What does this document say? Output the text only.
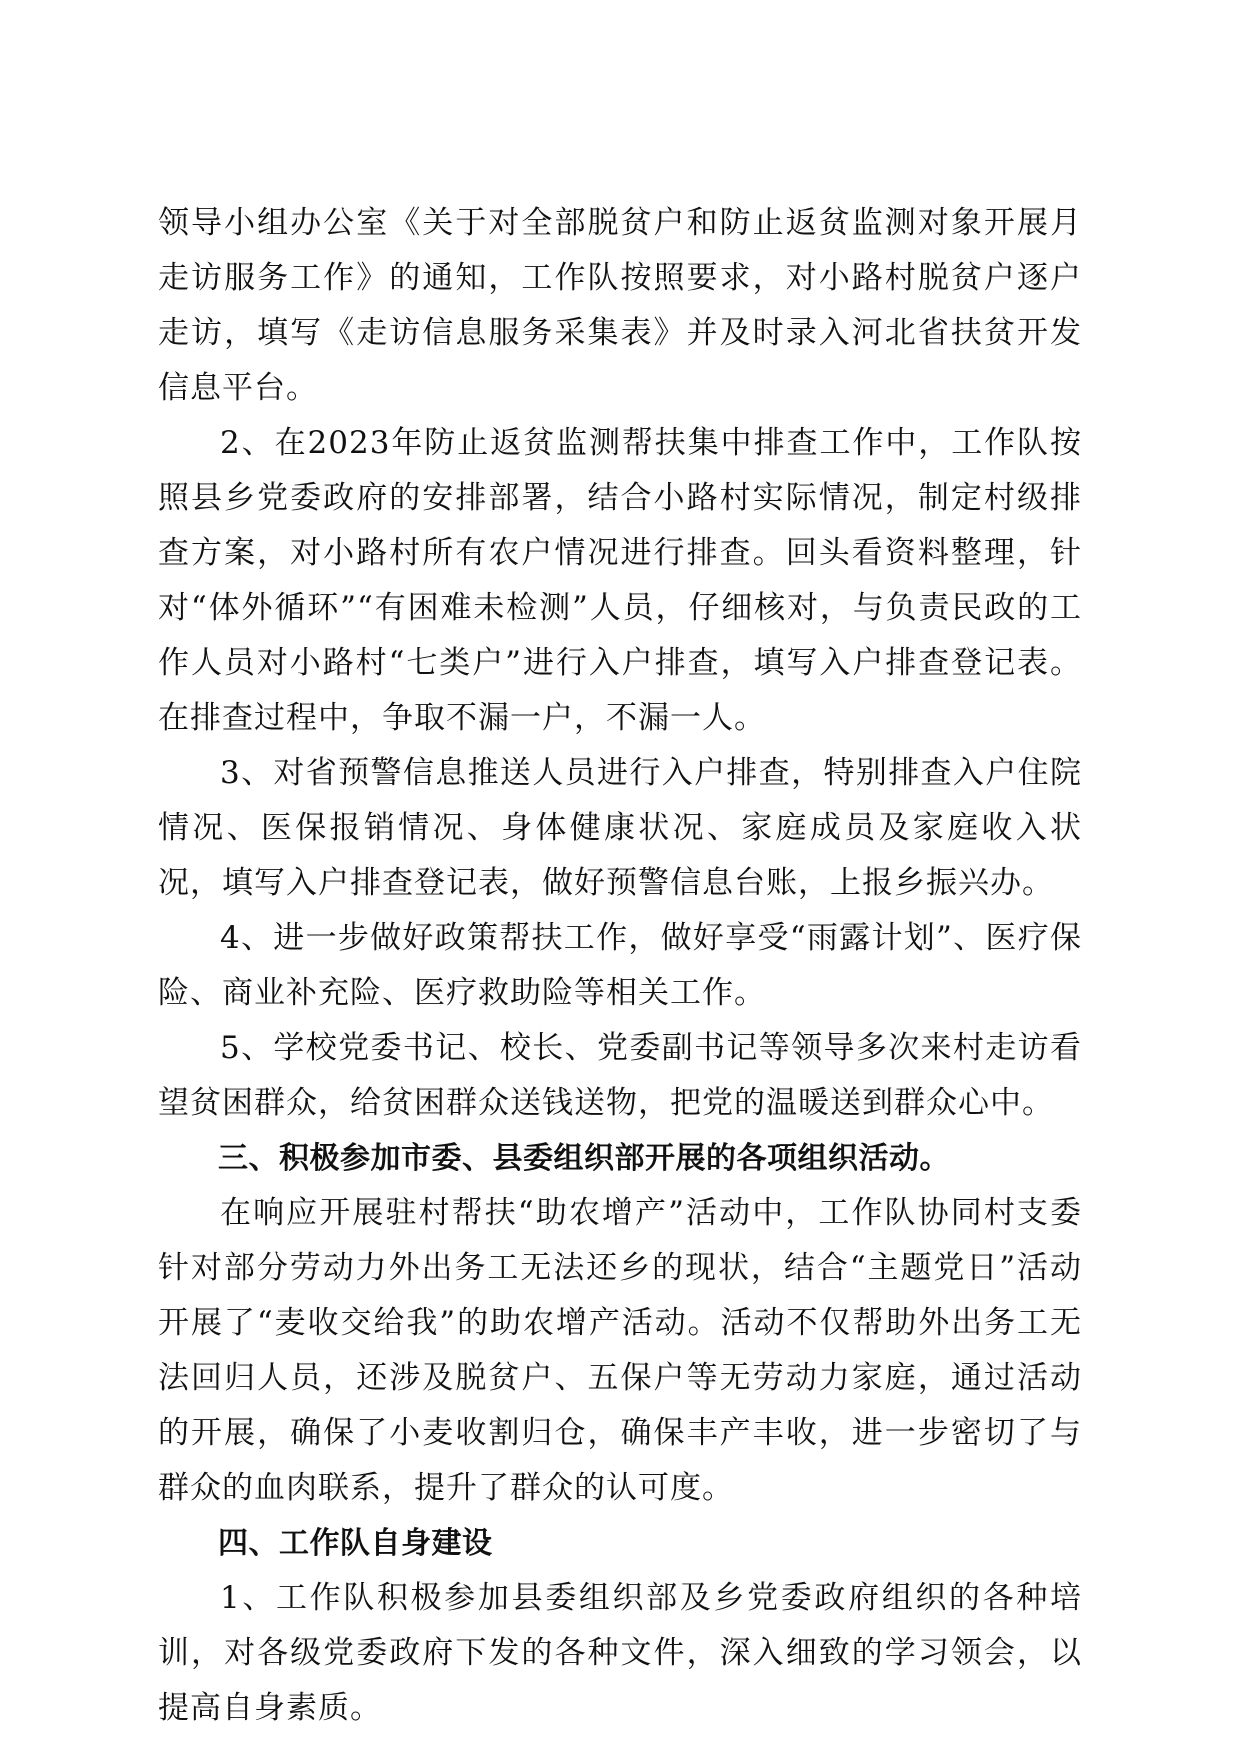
领导小组办公室《关于对全部脱贫户和防止返贫监测对象开展月走访服务工作》的通知，工作队按照要求，对小路村脱贫户逐户走访，填写《走访信息服务采集表》并及时录入河北省扶贫开发信息平台。

2、在2023年防止返贫监测帮扶集中排查工作中，工作队按照县乡党委政府的安排部署，结合小路村实际情况，制定村级排查方案，对小路村所有农户情况进行排查。回头看资料整理，针对“体外循环”“有困难未检测”人员，仔细核对，与负责民政的工作人员对小路村“七类户”进行入户排查，填写入户排查登记表。在排查过程中，争取不漏一户，不漏一人。

3、对省预警信息推送人员进行入户排查，特别排查入户住院情况、医保报销情况、身体健康状况、家庭成员及家庭收入状况，填写入户排查登记表，做好预警信息台账，上报乡振兴办。

4、进一步做好政策帮扶工作，做好享受“雨露计划”、医疗保险、商业补充险、医疗救助险等相关工作。

5、学校党委书记、校长、党委副书记等领导多次来村走访看望贫困群众，给贫困群众送钱送物，把党的温暖送到群众心中。

三、积极参加市委、县委组织部开展的各项组织活动。

在响应开展驻村帮扶“助农增产”活动中，工作队协同村支委针对部分劳动力外出务工无法还乡的现状，结合“主题党日”活动开展了“麦收交给我”的助农增产活动。活动不仅帮助外出务工无法回归人员，还涉及脱贫户、五保户等无劳动力家庭，通过活动的开展，确保了小麦收割归仓，确保丰产丰收，进一步密切了与群众的血肉联系，提升了群众的认可度。

四、工作队自身建设

1、工作队积极参加县委组织部及乡党委政府组织的各种培训，对各级党委政府下发的各种文件，深入细致的学习领会，以提高自身素质。
